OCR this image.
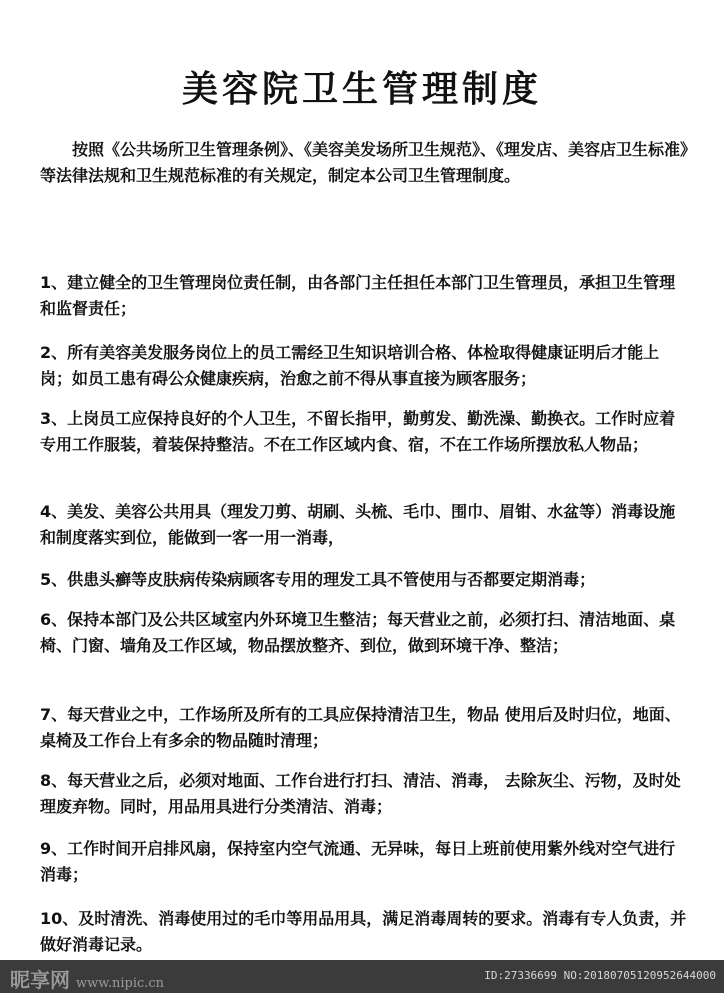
美容院卫生管理制度
按照《公共场所卫生管理条例》、《美容美发场所卫生规范》、《理发店、美容店卫生标准》等法律法规和卫生规范标准的有关规定，制定本公司卫生管理制度。
1、建立健全的卫生管理岗位责任制，由各部门主任担任本部门卫生管理员，承担卫生管理和监督责任；
2、所有美容美发服务岗位上的员工需经卫生知识培训合格、体检取得健康证明后才能上岗；如员工患有碍公众健康疾病，治愈之前不得从事直接为顾客服务；
3、上岗员工应保持良好的个人卫生，不留长指甲，勤剪发、勤洗澡、勤换衣。工作时应着专用工作服装，着装保持整洁。不在工作区域内食、宿，不在工作场所摆放私人物品；
4、美发、美容公共用具（理发刀剪、胡刷、头梳、毛巾、围巾、眉钳、水盆等）消毒设施和制度落实到位，能做到一客一用一消毒，
5、供患头癣等皮肤病传染病顾客专用的理发工具不管使用与否都要定期消毒；
6、保持本部门及公共区域室内外环境卫生整洁；每天营业之前，必须打扫、清洁地面、桌椅、门窗、墙角及工作区域，物品摆放整齐、到位，做到环境干净、整洁；
7、每天营业之中，工作场所及所有的工具应保持清洁卫生，物品 使用后及时归位，地面、桌椅及工作台上有多余的物品随时清理；
8、每天营业之后，必须对地面、工作台进行打扫、清洁、消毒， 去除灰尘、污物，及时处理废弃物。同时，用品用具进行分类清洁、消毒；
9、工作时间开启排风扇，保持室内空气流通、无异味，每日上班前使用紫外线对空气进行消毒；
10、及时清洗、消毒使用过的毛巾等用品用具，满足消毒周转的要求。消毒有专人负责，并做好消毒记录。
昵享网 www.nipic.cn
ID:27336699 NO:20180705120952644000
